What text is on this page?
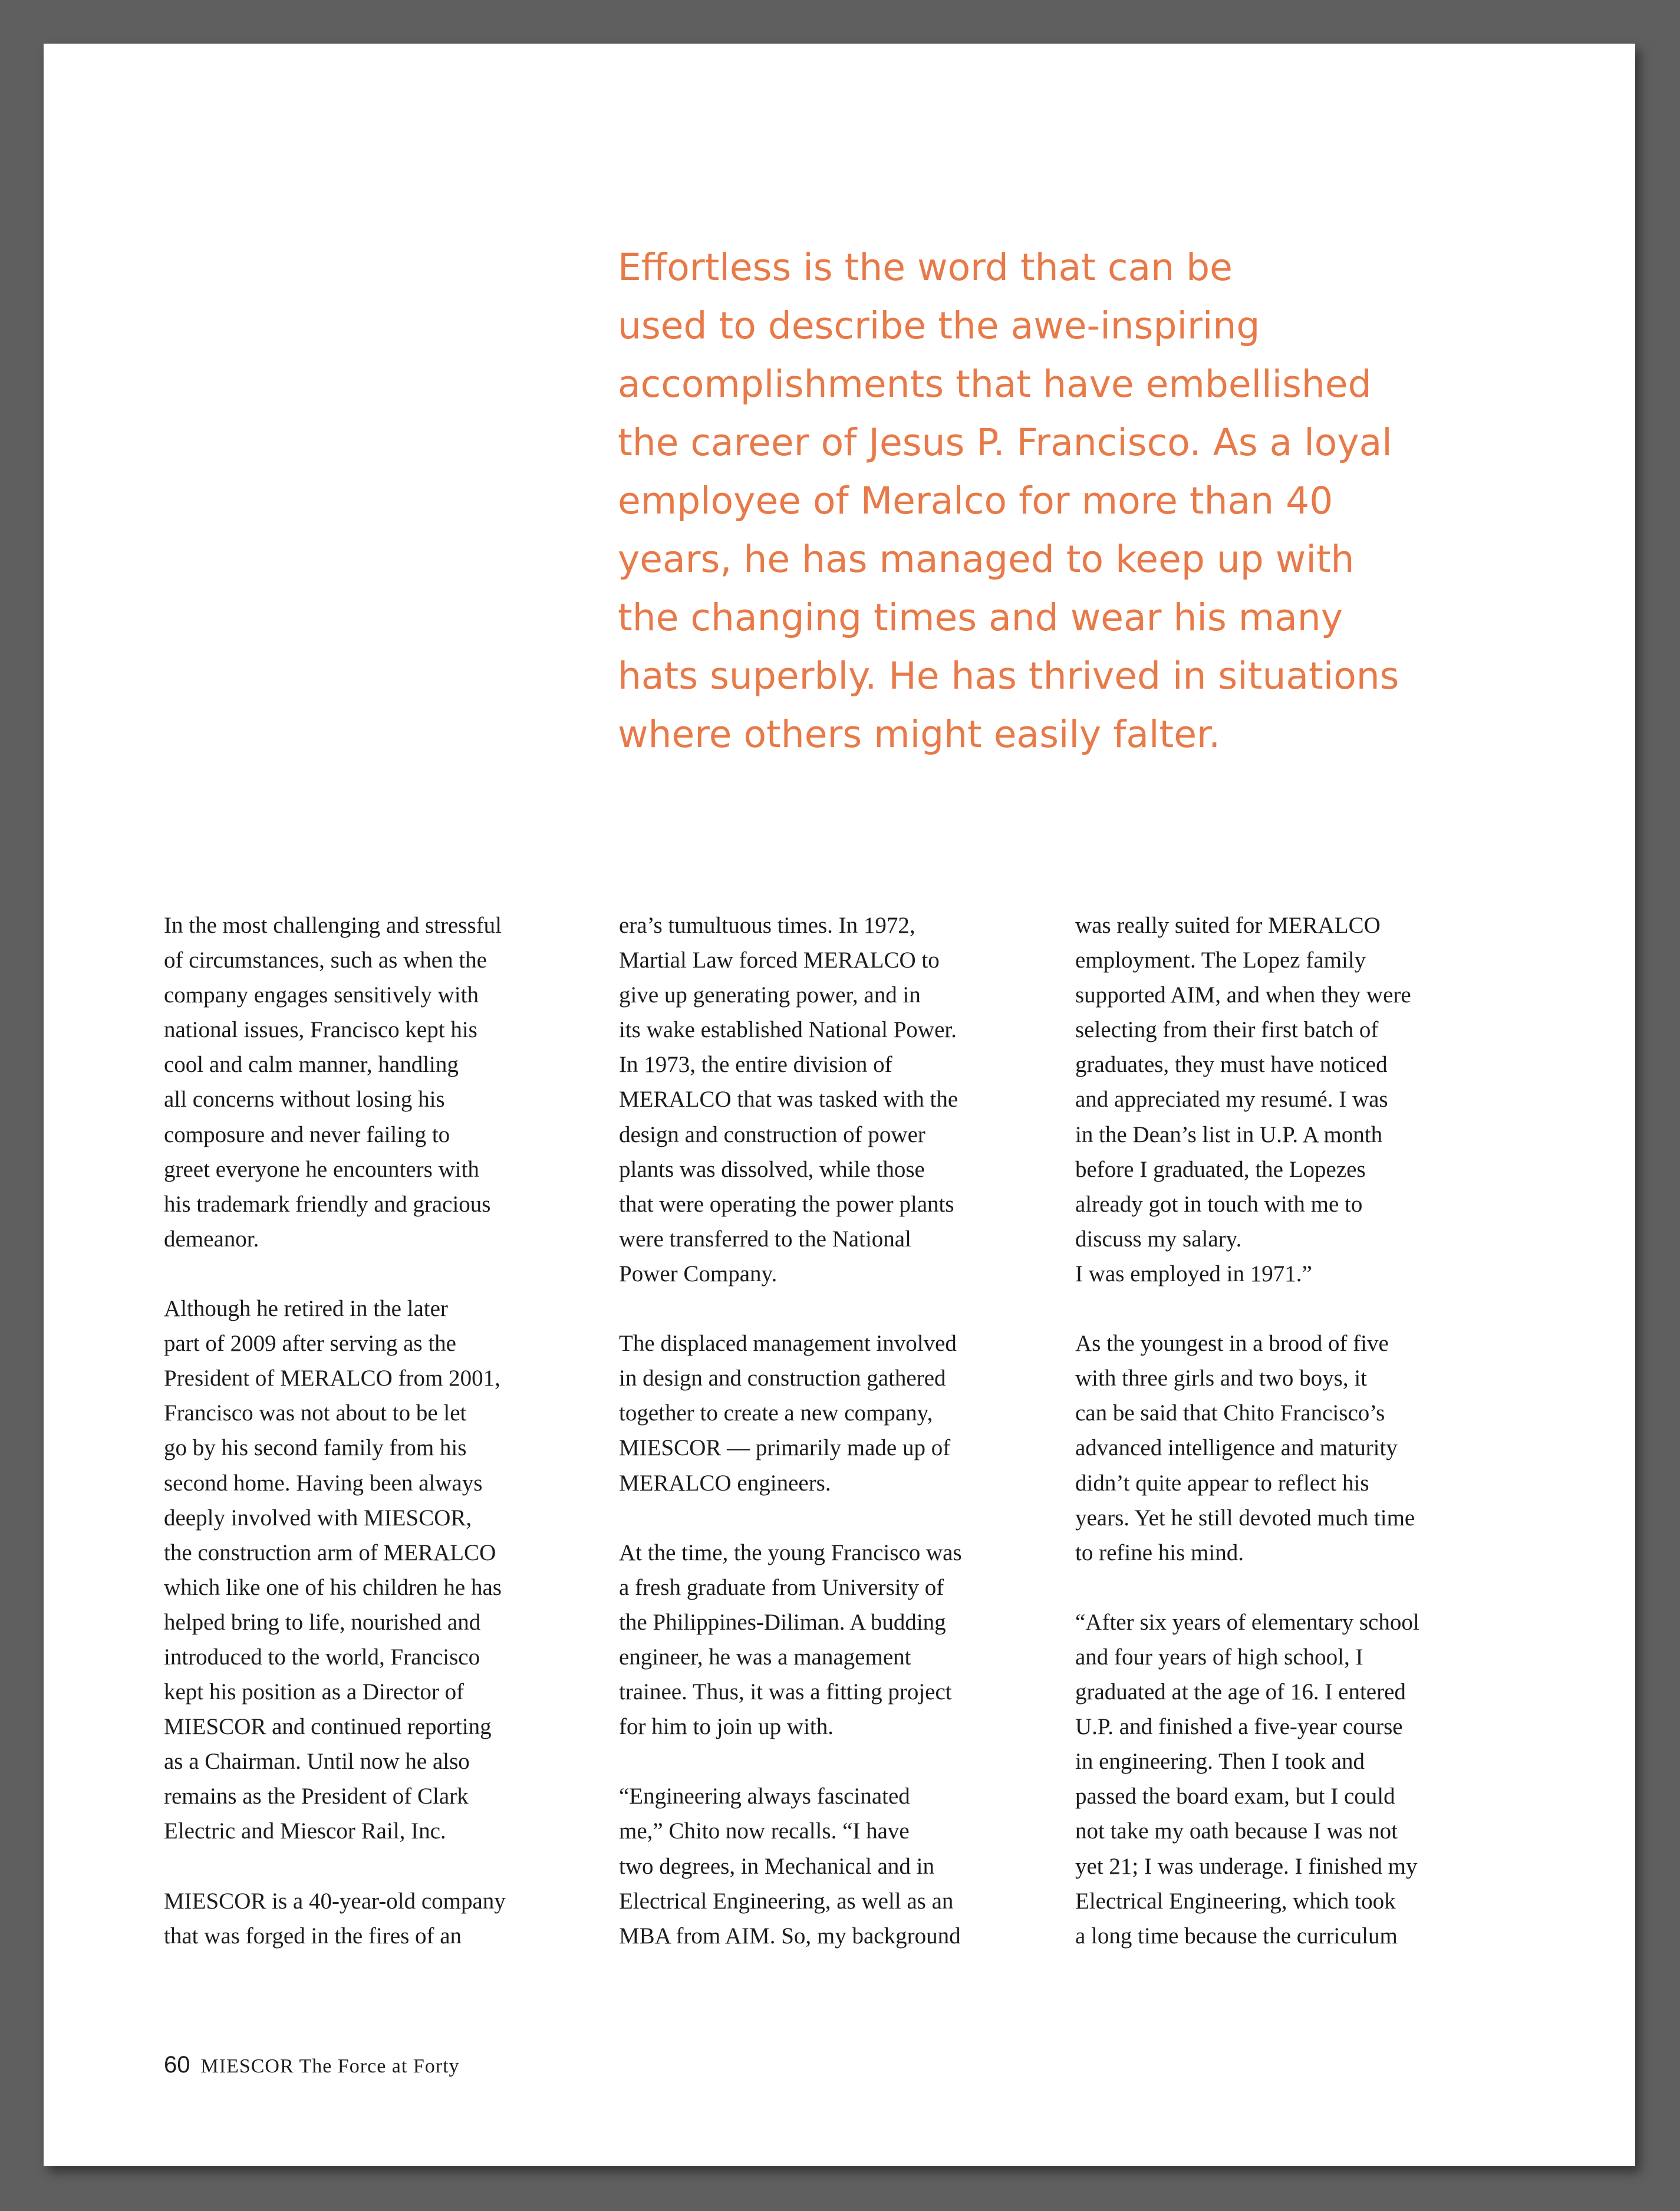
Effortless is the word that can be
used to describe the awe-inspiring
accomplishments that have embellished
the career of Jesus P. Francisco. As a loyal
employee of Meralco for more than 40
years, he has managed to keep up with
the changing times and wear his many
hats superbly. He has thrived in situations
where others might easily falter.

In the most challenging and stressful
of circumstances, such as when the
company engages sensitively with
national issues, Francisco kept his
cool and calm manner, handling
all concerns without losing his
composure and never failing to
greet everyone he encounters with
his trademark friendly and gracious
demeanor.

Although he retired in the later
part of 2009 after serving as the
President of MERALCO from 2001,
Francisco was not about to be let
go by his second family from his
second home. Having been always
deeply involved with MIESCOR,
the construction arm of MERALCO
which like one of his children he has
helped bring to life, nourished and
introduced to the world, Francisco
kept his position as a Director of
MIESCOR and continued reporting
as a Chairman. Until now he also
remains as the President of Clark
Electric and Miescor Rail, Inc.

MIESCOR is a 40-year-old company
that was forged in the fires of an

era’s tumultuous times. In 1972,
Martial Law forced MERALCO to
give up generating power, and in
its wake established National Power.
In 1973, the entire division of
MERALCO that was tasked with the
design and construction of power
plants was dissolved, while those
that were operating the power plants
were transferred to the National
Power Company.

The displaced management involved
in design and construction gathered
together to create a new company,
MIESCOR — primarily made up of
MERALCO engineers.

At the time, the young Francisco was
a fresh graduate from University of
the Philippines-Diliman. A budding
engineer, he was a management
trainee. Thus, it was a fitting project
for him to join up with.

“Engineering always fascinated
me,” Chito now recalls. “I have
two degrees, in Mechanical and in
Electrical Engineering, as well as an
MBA from AIM. So, my background

was really suited for MERALCO
employment. The Lopez family
supported AIM, and when they were
selecting from their first batch of
graduates, they must have noticed
and appreciated my resumé. I was
in the Dean’s list in U.P. A month
before I graduated, the Lopezes
already got in touch with me to
discuss my salary.
I was employed in 1971.”

As the youngest in a brood of five
with three girls and two boys, it
can be said that Chito Francisco’s
advanced intelligence and maturity
didn’t quite appear to reflect his
years. Yet he still devoted much time
to refine his mind.

“After six years of elementary school
and four years of high school, I
graduated at the age of 16. I entered
U.P. and finished a five-year course
in engineering. Then I took and
passed the board exam, but I could
not take my oath because I was not
yet 21; I was underage. I finished my
Electrical Engineering, which took
a long time because the curriculum

60 MIESCOR The Force at Forty
